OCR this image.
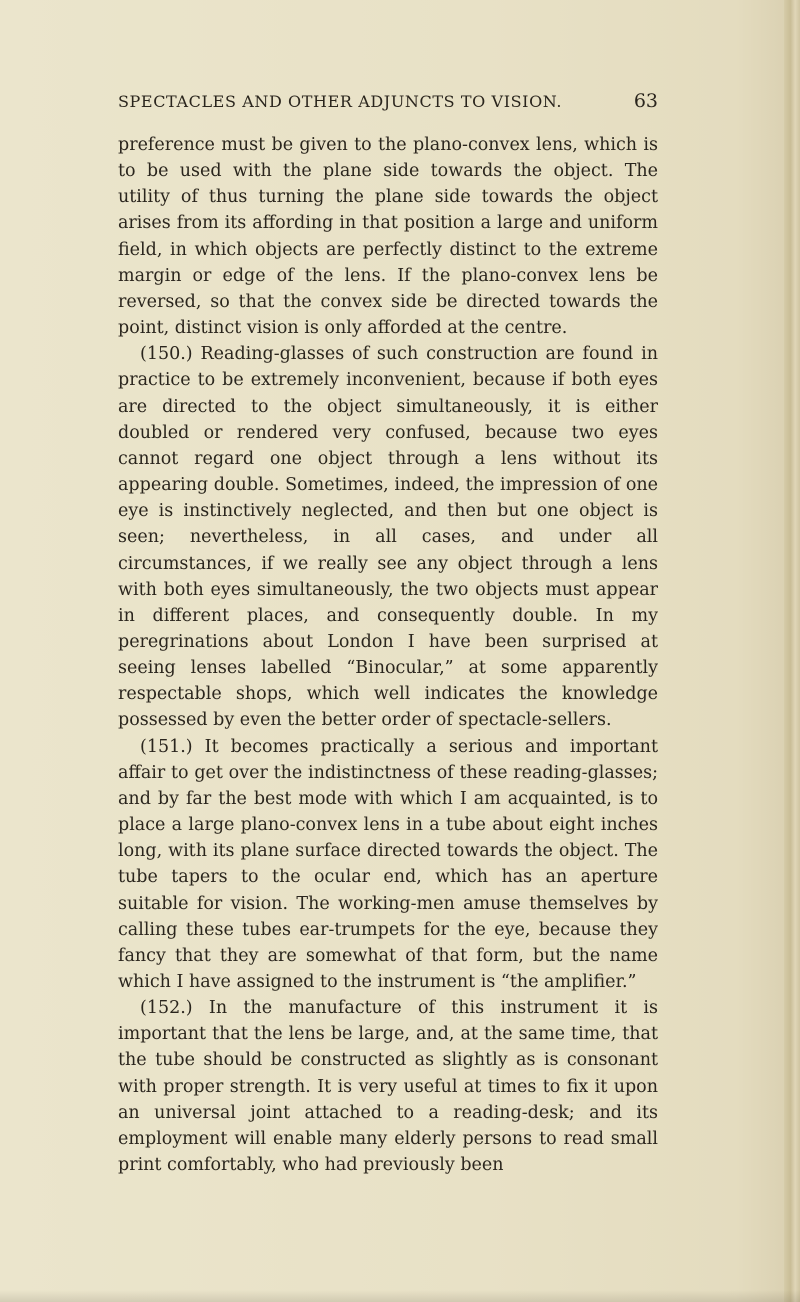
SPECTACLES AND OTHER ADJUNCTS TO VISION.	63

preference must be given to the plano-convex lens, which is to be used with the plane side towards the object. The utility of thus turning the plane side towards the object arises from its affording in that position a large and uniform field, in which objects are perfectly distinct to the extreme margin or edge of the lens. If the plano-convex lens be reversed, so that the convex side be directed towards the point, distinct vision is only afforded at the centre.

(150.) Reading-glasses of such construction are found in practice to be extremely inconvenient, because if both eyes are directed to the object simultaneously, it is either doubled or rendered very confused, because two eyes cannot regard one object through a lens without its appearing double. Sometimes, indeed, the impression of one eye is instinctively neglected, and then but one object is seen; nevertheless, in all cases, and under all circumstances, if we really see any object through a lens with both eyes simultaneously, the two objects must appear in different places, and consequently double. In my peregrinations about London I have been surprised at seeing lenses labelled “Binocular,” at some apparently respectable shops, which well indicates the knowledge possessed by even the better order of spectacle-sellers.

(151.) It becomes practically a serious and important affair to get over the indistinctness of these reading-glasses; and by far the best mode with which I am acquainted, is to place a large plano-convex lens in a tube about eight inches long, with its plane surface directed towards the object. The tube tapers to the ocular end, which has an aperture suitable for vision. The working-men amuse themselves by calling these tubes ear-trumpets for the eye, because they fancy that they are somewhat of that form, but the name which I have assigned to the instrument is “the amplifier.”

(152.) In the manufacture of this instrument it is important that the lens be large, and, at the same time, that the tube should be constructed as slightly as is consonant with proper strength. It is very useful at times to fix it upon an universal joint attached to a reading-desk; and its employment will enable many elderly persons to read small print comfortably, who had previously been
